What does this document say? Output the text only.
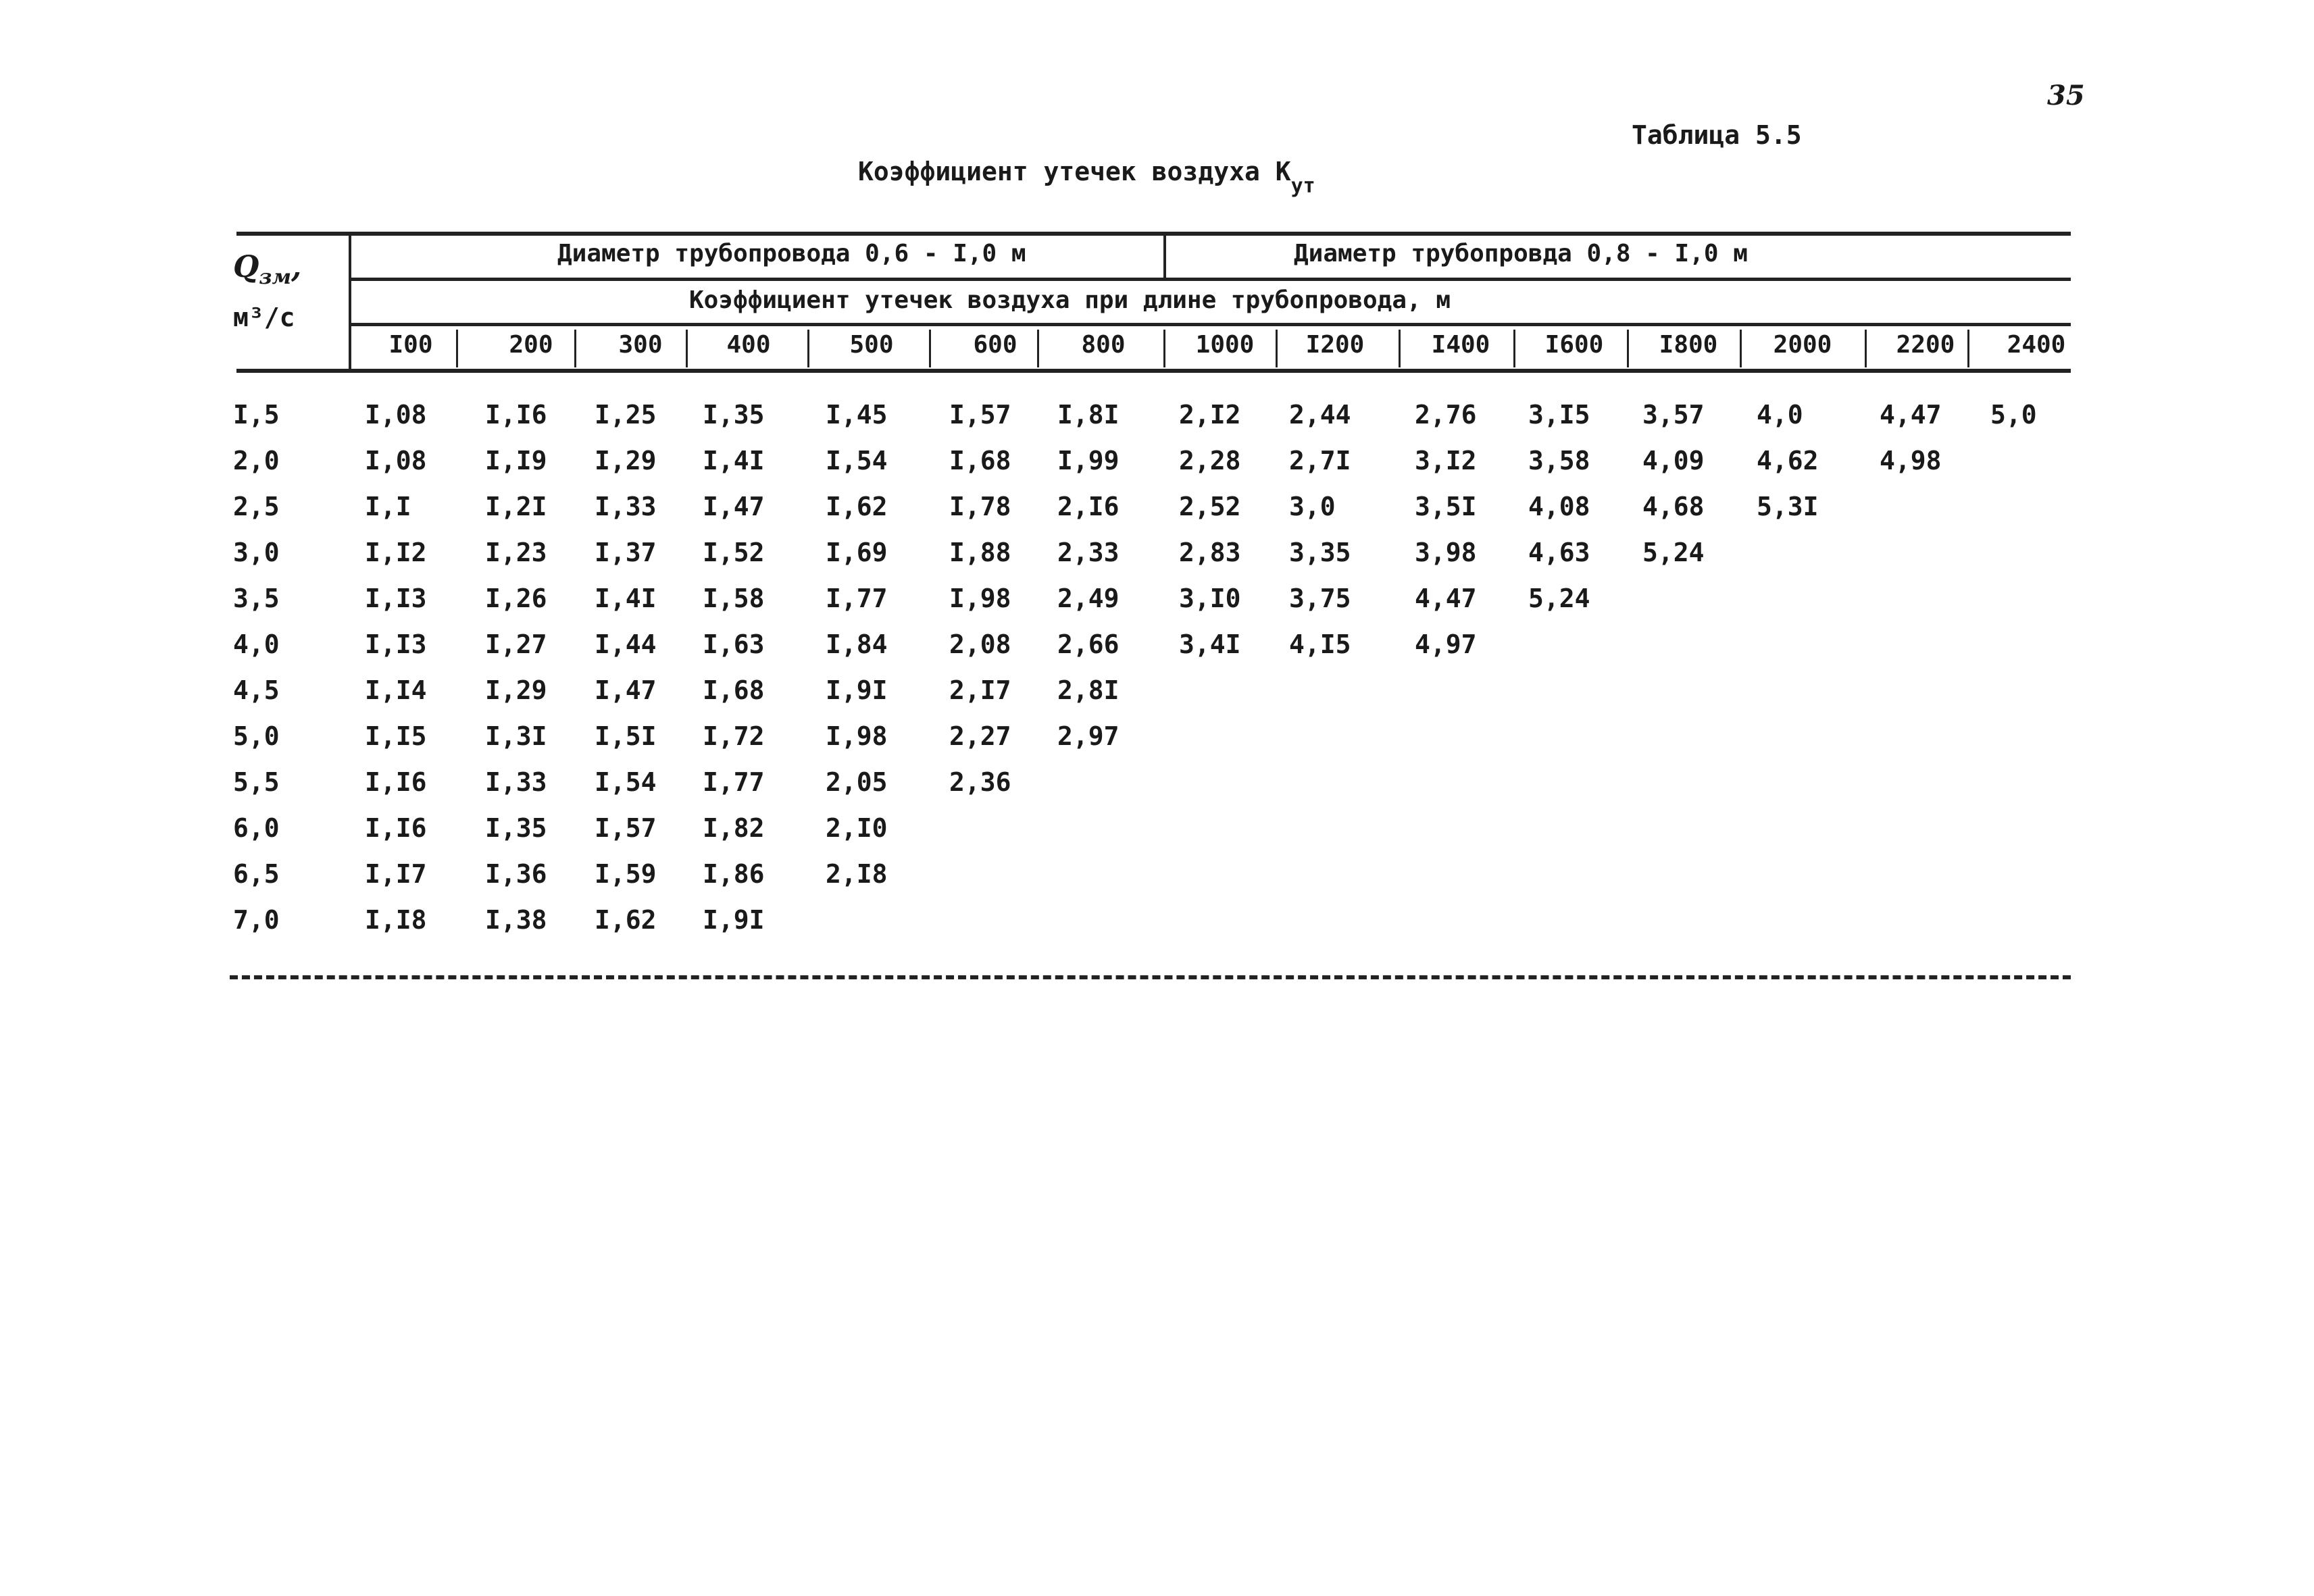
35
Таблица 5.5
Коэффициент утечек воздуха $К_{ут}$
$Q_{зм}$,
м³/с
Диаметр трубопровода 0,6 - I,0 м	Диаметр трубопровда 0,8 - I,0 м
Коэффициент утечек воздуха при длине трубопровода, м
I00	200	300	400	500	600	800	1000	I200	I400	I600	I800	2000	2200	2400
I,5	I,08 I,I6 I,25 I,35 I,45 I,57 I,8I 2,I2 2,44 2,76 3,I5 3,57 4,0	4,47 5,0
2,0	I,08 I,I9 I,29 I,4I I,54 I,68 I,99 2,28 2,7I 3,I2 3,58 4,09 4,62 4,98
2,5	I,I	I,2I I,33 I,47 I,62 I,78 2,I6 2,52 3,0	3,5I 4,08 4,68 5,3I
3,0	I,I2 I,23 I,37 I,52 I,69 I,88 2,33 2,83 3,35 3,98 4,63 5,24
3,5	I,I3 I,26 I,4I I,58 I,77 I,98 2,49 3,I0 3,75 4,47 5,24
4,0	I,I3 I,27 I,44 I,63 I,84 2,08 2,66 3,4I 4,I5 4,97
4,5	I,I4 I,29 I,47 I,68 I,9I 2,I7 2,8I
5,0	I,I5 I,3I I,5I I,72 I,98 2,27 2,97
5,5	I,I6 I,33 I,54 I,77 2,05 2,36
6,0	I,I6 I,35 I,57 I,82 2,I0
6,5	I,I7 I,36 I,59 I,86 2,I8
7,0	I,I8 I,38 I,62 I,9I
